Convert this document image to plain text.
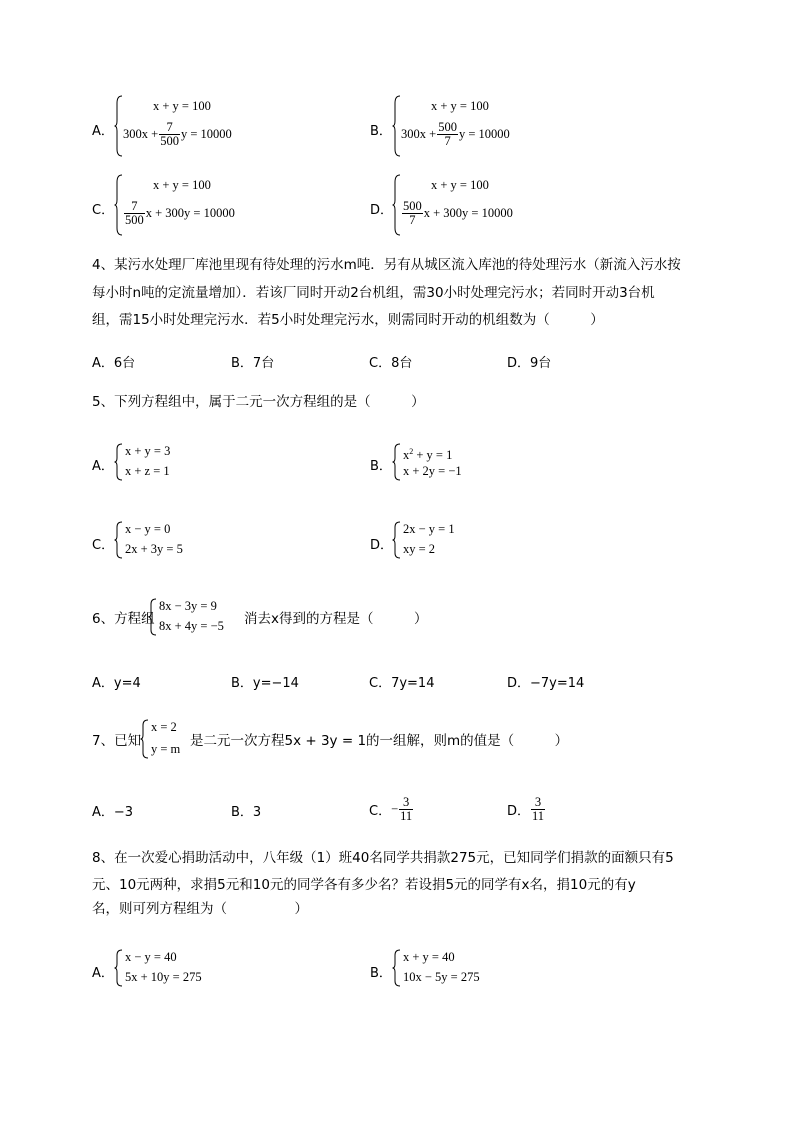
A．
x + y = 100
$300x + \frac{7}{500}$ y = 10000	B．
x + y = 100
$300x + \frac{500}{7}$ y = 10000
C．
x + y = 100
$\frac{7}{500}$ x + 300y = 10000	D．
x + y = 100
$\frac{500}{7}$ x + 300y = 10000
4、某污水处理厂库池里现有待处理的污水m吨．另有从城区流入库池的待处理污水（新流入污水按
每小时n吨的定流量增加）．若该厂同时开动2台机组，需30小时处理完污水；若同时开动3台机
组，需15小时处理完污水．若5小时处理完污水，则需同时开动的机组数为（　　　）
A．6台	B．7台	C．8台	D．9台
5、下列方程组中，属于二元一次方程组的是（　　　）
A．
x + y = 3
x + z = 1	B．
$x^2 + y = 1$
x + 2y = −1
C．
x − y = 0
2x + 3y = 5	D．
2x − y = 1
xy = 2
6、方程组
8x − 3y = 9
8x + 4y = −5 消去x得到的方程是（　　　）
A．y=4	B．y=−14	C．7y=14	D．−7y=14
7、已知
x = 2
y = m 是二元一次方程5x + 3y = 1的一组解，则m的值是（　　　）
A．−3	B．3	C． − $\frac{3}{11}$	D． $\frac{3}{11}$
8、在一次爱心捐助活动中，八年级（1）班40名同学共捐款275元，已知同学们捐款的面额只有5
元、10元两种，求捐5元和10元的同学各有多少名？若设捐5元的同学有x名，捐10元的有y
名，则可列方程组为（　　　　　）
A．
x − y = 40
5x + 10y = 275	B．
x + y = 40
10x − 5y = 275
